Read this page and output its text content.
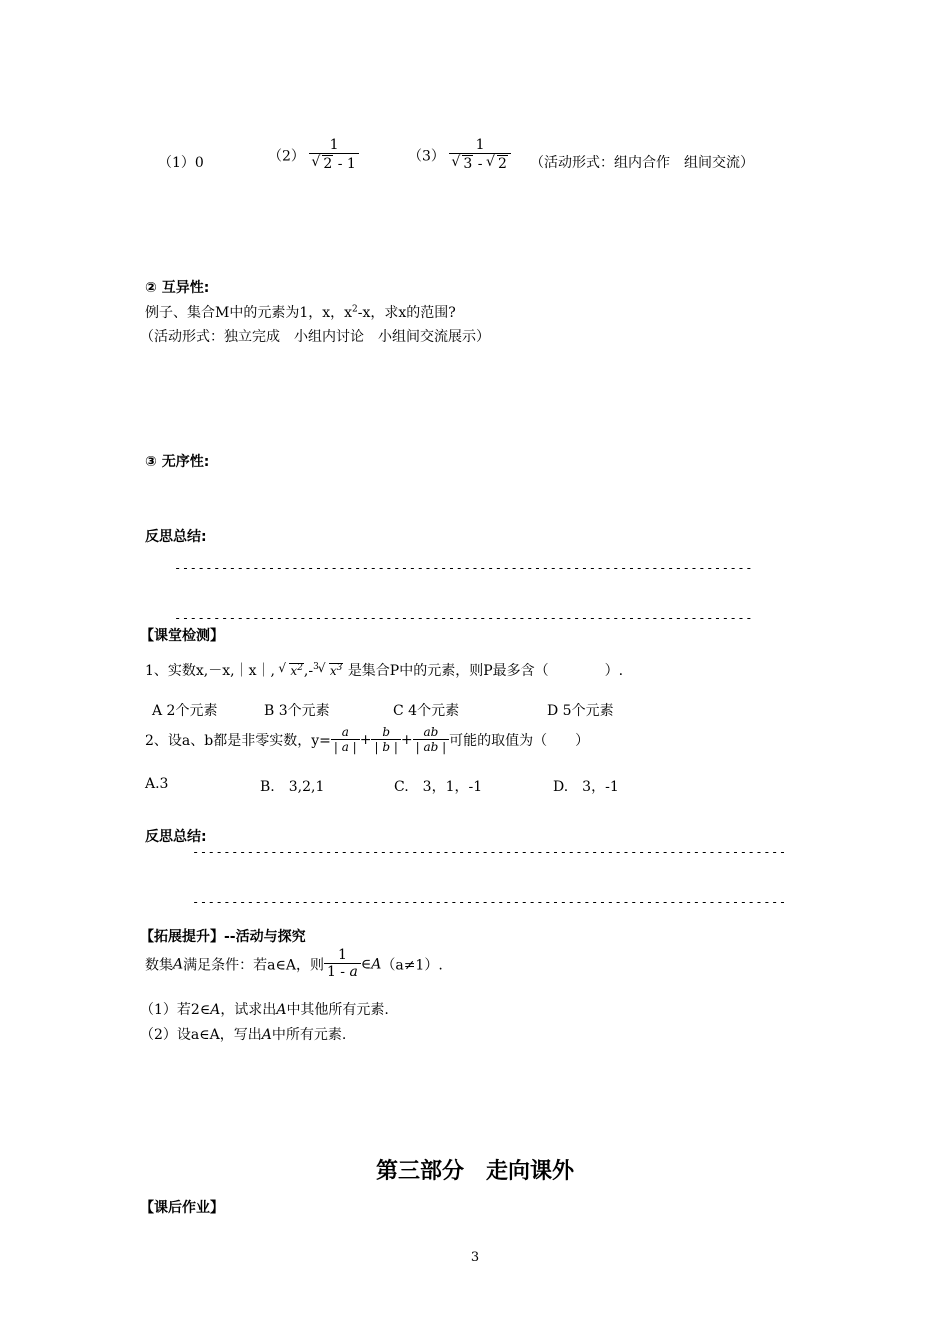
（1）0	（2） 1
√ 2 - 1	（3） 1
√ 3 - √ 2 （活动形式：组内合作　组间交流）
② 互异性:
例子、集合M中的元素为1，x，$x^2-x$，求x的范围?
（活动形式：独立完成　小组内讨论　小组间交流展示）
③ 无序性:
反思总结:
--------------------------------------------------------------------------
--------------------------------------------------------------------------
【课堂检测】
1、实数x,－x,｜x｜, √ $x^2,-^3√$ $x^3$ 是集合P中的元素，则P最多含（　　　　）.
A 2个元素	B 3个元素	C 4个元素	D 5个元素
2、设a、b都是非零实数，$y= \frac{a}{| a |} + \frac{b}{| b |} + \frac{ab}{| ab |}$ 可能的取值为（　　）
A.3	B.　3,2,1	C.　3，1，-1	D.　3，-1
反思总结:
----------------------------------------------------------------------------
----------------------------------------------------------------------------
【拓展提升】--活动与探究
数集A满足条件：若a∈A，则 $\frac{1}{1 - a}$ ∈A（a≠1）.
（1）若2∈A，试求出A中其他所有元素.
（2）设a∈A，写出A中所有元素.
第三部分　走向课外
【课后作业】
3
